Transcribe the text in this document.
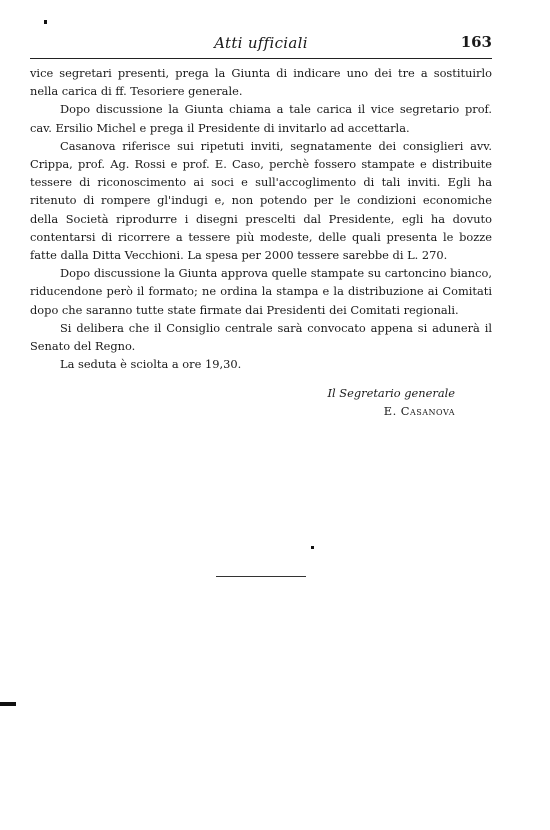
Atti ufficiali	163

vice segretari presenti, prega la Giunta di indicare uno dei tre a sostituirlo nella carica di ff. Tesoriere generale.

Dopo discussione la Giunta chiama a tale carica il vice segretario prof. cav. Ersilio Michel e prega il Presidente di invitarlo ad accettarla.

Casanova riferisce sui ripetuti inviti, segnatamente dei consiglieri avv. Crippa, prof. Ag. Rossi e prof. E. Caso, perchè fossero stampate e distribuite tessere di riconoscimento ai soci e sull'accoglimento di tali inviti. Egli ha ritenuto di rompere gl'indugi e, non potendo per le condizioni economiche della Società riprodurre i disegni prescelti dal Presidente, egli ha dovuto contentarsi di ricorrere a tessere più modeste, delle quali presenta le bozze fatte dalla Ditta Vecchioni. La spesa per 2000 tessere sarebbe di L. 270.

Dopo discussione la Giunta approva quelle stampate su cartoncino bianco, riducendone però il formato; ne ordina la stampa e la distribuzione ai Comitati dopo che saranno tutte state firmate dai Presidenti dei Comitati regionali.

Si delibera che il Consiglio centrale sarà convocato appena si adunerà il Senato del Regno.

La seduta è sciolta a ore 19,30.

Il Segretario generale
E. Casanova
